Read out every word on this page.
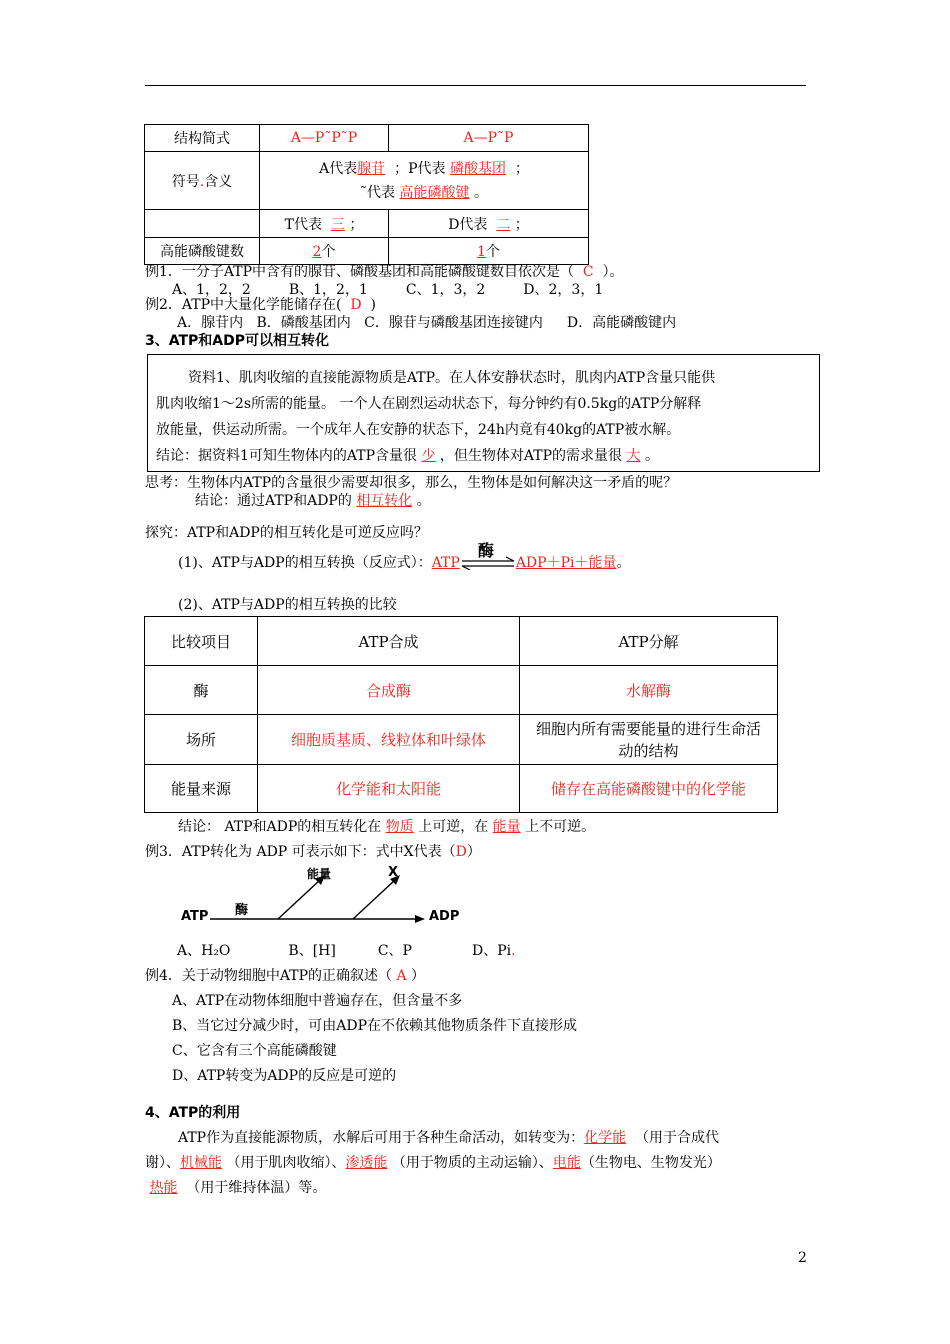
结构简式	A—P˜P˜P	A—P˜P
符号.含义	A代表腺苷 ；P代表 磷酸基团 ；
˜代表 高能磷酸键 。	

	T代表 三 ；	D代表 二 ；
高能磷酸键数	2个	1个
例1．一分子ATP中含有的腺苷、磷酸基团和高能磷酸键数目依次是（ C ）。
A、1，2，2	B、1，2，1	C、1，3，2	D、2，3，1
例2．ATP中大量化学能储存在( D )
A．腺苷内 B．磷酸基团内 C．腺苷与磷酸基团连接键内 D．高能磷酸键内
3、ATP和ADP可以相互转化
资料1、肌肉收缩的直接能源物质是ATP。在人体安静状态时，肌肉内ATP含量只能供
肌肉收缩1～2s所需的能量。 一个人在剧烈运动状态下，每分钟约有0.5kg的ATP分解释
放能量，供运动所需。一个成年人在安静的状态下，24h内竟有40kg的ATP被水解。
结论：据资料1可知生物体内的ATP含量很 少 ，但生物体对ATP的需求量很 大 。
思考：生物体内ATP的含量很少需要却很多，那么，生物体是如何解决这一矛盾的呢？
结论：通过ATP和ADP的 相互转化 。
探究：ATP和ADP的相互转化是可逆反应吗？
(1)、ATP与ADP的相互转换（反应式）：ATP
酶
ADP＋Pi＋能量。
(2)、ATP与ADP的相互转换的比较
比较项目	ATP合成	ATP分解
酶	合成酶	水解酶
场所	细胞质基质、线粒体和叶绿体	细胞内所有需要能量的进行生命活
动的结构

能量来源	化学能和太阳能	储存在高能磷酸键中的化学能
结论： ATP和ADP的相互转化在 物质 上可逆，在 能量 上不可逆。
例3．ATP转化为 ADP 可表示如下：式中X代表（D）
ATP 酶
能量	X
ADP
A、H₂O	B、[H]	C、P	D、Pi.
例4．关于动物细胞中ATP的正确叙述（ A ）
A、ATP在动物体细胞中普遍存在，但含量不多
B、当它过分减少时，可由ADP在不依赖其他物质条件下直接形成
C、它含有三个高能磷酸键
D、ATP转变为ADP的反应是可逆的
4、ATP的利用
ATP作为直接能源物质，水解后可用于各种生命活动，如转变为：化学能 （用于合成代
谢）、机械能 （用于肌肉收缩）、渗透能 （用于物质的主动运输）、电能（生物电、生物发光）
热能 （用于维持体温）等。
2
